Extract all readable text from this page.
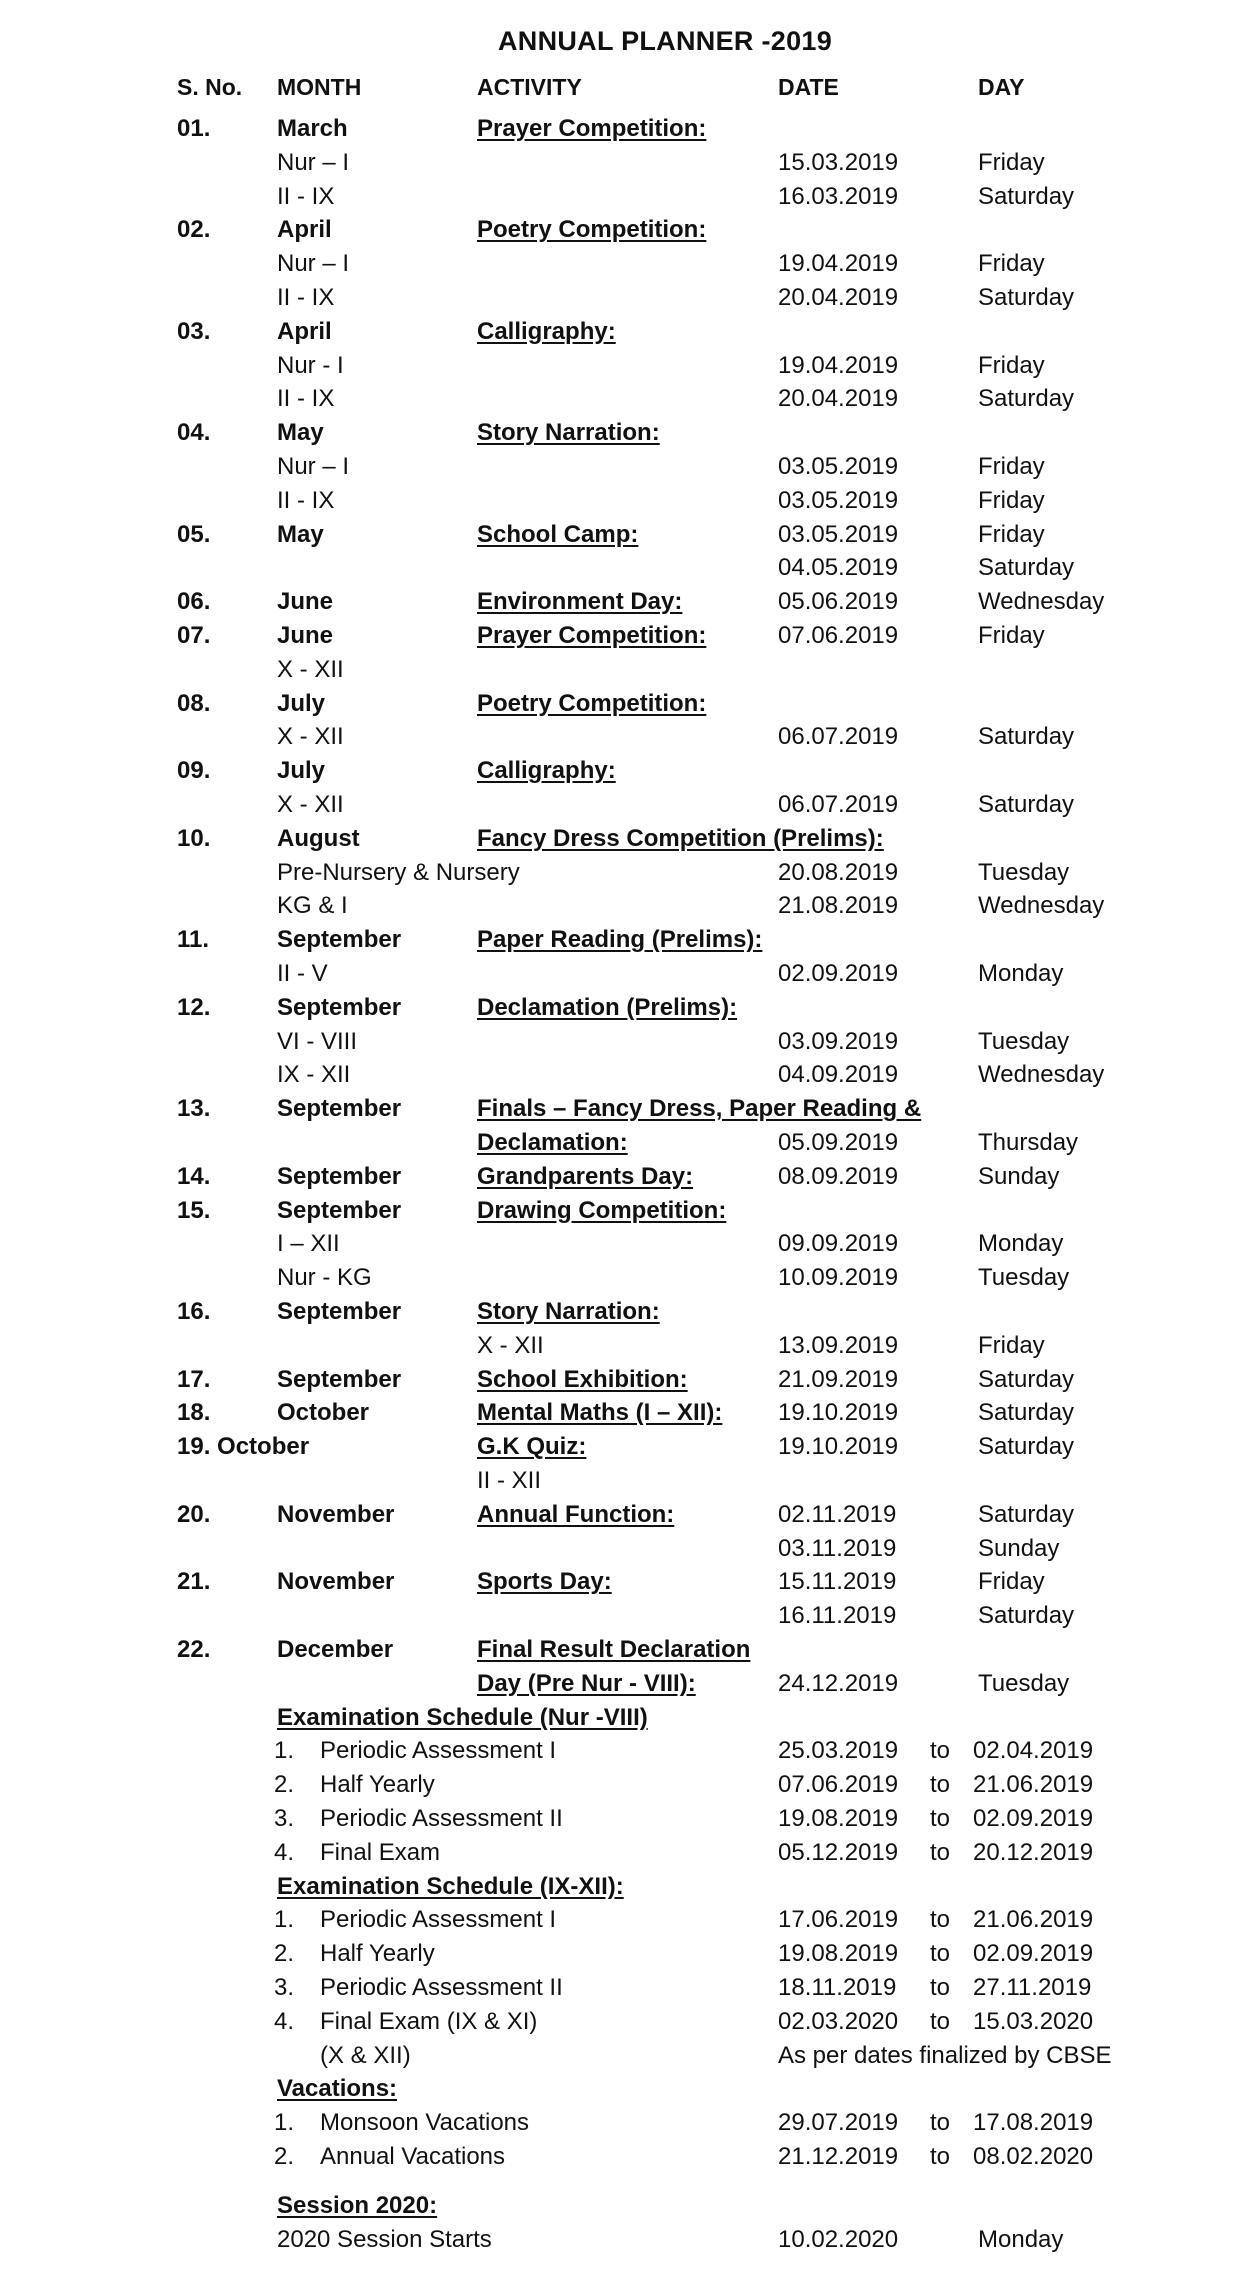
ANNUAL PLANNER -2019
S. No. MONTH	ACTIVITY	DATE	DAY
01.	March	Prayer Competition:
Nur – I	15.03.2019	Friday
II - IX	16.03.2019	Saturday
02.	April	Poetry Competition:
Nur – I	19.04.2019	Friday
II - IX	20.04.2019	Saturday
03.	April	Calligraphy:
Nur - I	19.04.2019	Friday
II - IX	20.04.2019	Saturday
04.	May	Story Narration:
Nur – I	03.05.2019	Friday
II - IX	03.05.2019	Friday
05.	May	School Camp:	03.05.2019	Friday
04.05.2019	Saturday
06.	June	Environment Day:	05.06.2019	Wednesday
07.	June	Prayer Competition:	07.06.2019	Friday
X - XII
08.	July	Poetry Competition:
X - XII	06.07.2019	Saturday
09.	July	Calligraphy:
X - XII	06.07.2019	Saturday
10.	August	Fancy Dress Competition (Prelims):
Pre-Nursery & Nursery	20.08.2019	Tuesday
KG & I	21.08.2019	Wednesday
11.	September	Paper Reading (Prelims):
II - V	02.09.2019	Monday
12.	September	Declamation (Prelims):
VI - VIII	03.09.2019	Tuesday
IX - XII	04.09.2019	Wednesday
13.	September	Finals – Fancy Dress, Paper Reading &
Declamation:	05.09.2019	Thursday
14.	September	Grandparents Day:	08.09.2019	Sunday
15.	September	Drawing Competition:
I – XII	09.09.2019	Monday
Nur - KG	10.09.2019	Tuesday
16.	September	Story Narration:
X - XII	13.09.2019	Friday
17.	September	School Exhibition:	21.09.2019	Saturday
18.	October	Mental Maths (I – XII): 19.10.2019	Saturday
19. October	G.K Quiz:	19.10.2019	Saturday
II - XII
20.	November	Annual Function:	02.11.2019	Saturday
03.11.2019	Sunday
21.	November	Sports Day:	15.11.2019	Friday
16.11.2019	Saturday
22.	December	Final Result Declaration
Day (Pre Nur - VIII):	24.12.2019	Tuesday
Examination Schedule (Nur -VIII)
1. Periodic Assessment I	25.03.2019 to 02.04.2019
2. Half Yearly	07.06.2019 to 21.06.2019
3. Periodic Assessment II	19.08.2019 to 02.09.2019
4. Final Exam	05.12.2019 to 20.12.2019
Examination Schedule (IX-XII):
1. Periodic Assessment I	17.06.2019 to 21.06.2019
2. Half Yearly	19.08.2019 to 02.09.2019
3. Periodic Assessment II	18.11.2019 to 27.11.2019
4. Final Exam (IX & XI)	02.03.2020 to 15.03.2020
(X & XII)	As per dates finalized by CBSE
Vacations:
1. Monsoon Vacations	29.07.2019 to 17.08.2019
2. Annual Vacations	21.12.2019 to 08.02.2020
Session 2020:
2020 Session Starts	10.02.2020	Monday
